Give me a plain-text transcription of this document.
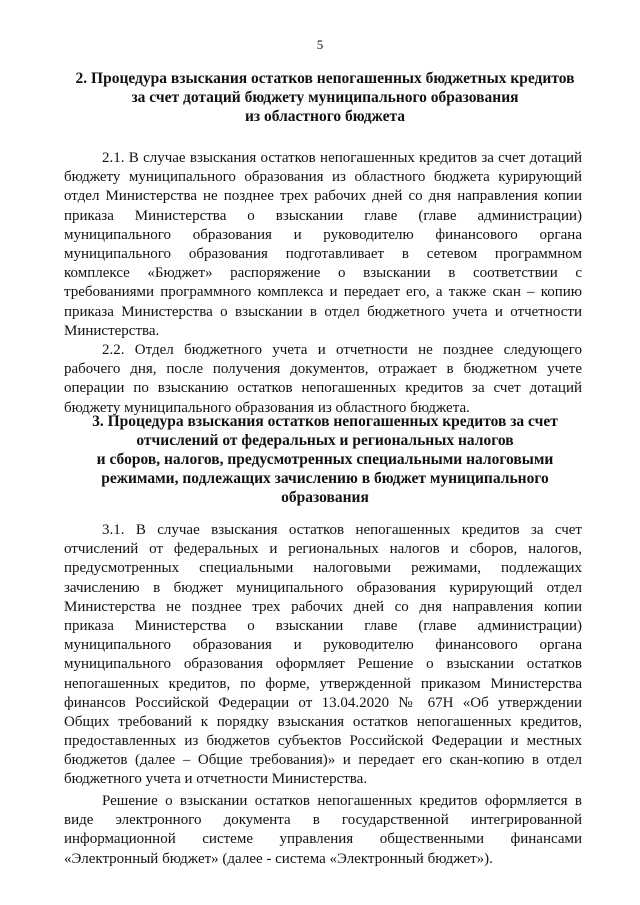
5
2. Процедура взыскания остатков непогашенных бюджетных кредитов
за счет дотаций бюджету муниципального образования
из областного бюджета
2.1. В случае взыскания остатков непогашенных кредитов за счет дотаций
бюджету муниципального образования из областного бюджета курирующий
отдел Министерства не позднее трех рабочих дней со дня направления копии
приказа Министерства о взыскании главе (главе администрации)
муниципального образования и руководителю финансового органа
муниципального образования подготавливает в сетевом программном
комплексе «Бюджет» распоряжение о взыскании в соответствии с
требованиями программного комплекса и передает его, а также скан – копию
приказа Министерства о взыскании в отдел бюджетного учета и отчетности
Министерства.
2.2. Отдел бюджетного учета и отчетности не позднее следующего
рабочего дня, после получения документов, отражает в бюджетном учете
операции по взысканию остатков непогашенных кредитов за счет дотаций
бюджету муниципального образования из областного бюджета.
3. Процедура взыскания остатков непогашенных кредитов за счет
отчислений от федеральных и региональных налогов
и сборов, налогов, предусмотренных специальными налоговыми
режимами, подлежащих зачислению в бюджет муниципального
образования
3.1. В случае взыскания остатков непогашенных кредитов за счет
отчислений от федеральных и региональных налогов и сборов, налогов,
предусмотренных специальными налоговыми режимами, подлежащих
зачислению в бюджет муниципального образования курирующий отдел
Министерства не позднее трех рабочих дней со дня направления копии
приказа Министерства о взыскании главе (главе администрации)
муниципального образования и руководителю финансового органа
муниципального образования оформляет Решение о взыскании остатков
непогашенных кредитов, по форме, утвержденной приказом Министерства
финансов Российской Федерации от 13.04.2020 № 67Н «Об утверждении
Общих требований к порядку взыскания остатков непогашенных кредитов,
предоставленных из бюджетов субъектов Российской Федерации и местных
бюджетов (далее – Общие требования)» и передает его скан-копию в отдел
бюджетного учета и отчетности Министерства.
Решение о взыскании остатков непогашенных кредитов оформляется в
виде электронного документа в государственной интегрированной
информационной системе управления общественными финансами
«Электронный бюджет» (далее - система «Электронный бюджет»).
